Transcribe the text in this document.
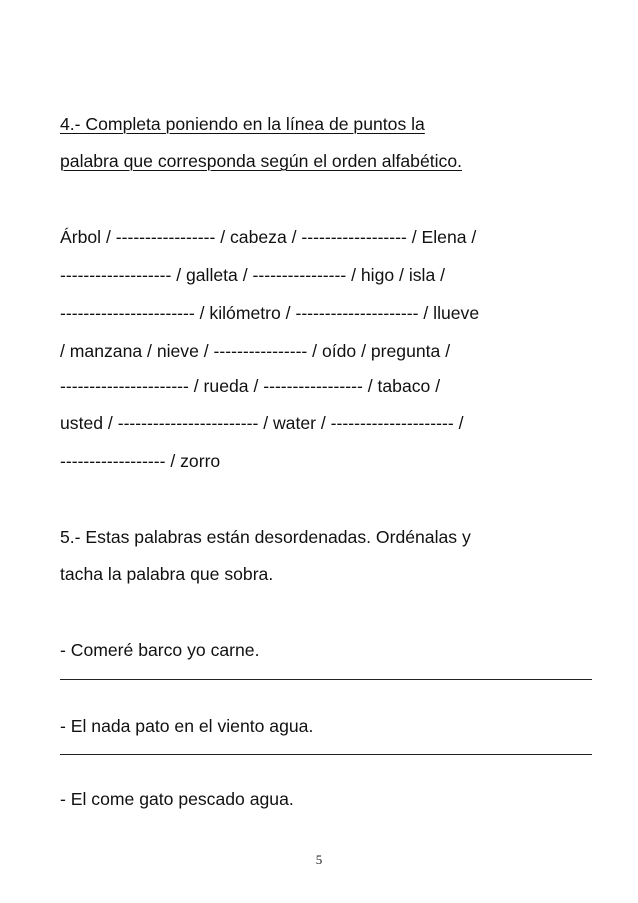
4.- Completa poniendo en la línea de puntos la

palabra que corresponda según el orden alfabético.

Árbol / ----------------- / cabeza / ------------------ / Elena /

------------------- / galleta / ---------------- / higo / isla /

----------------------- / kilómetro / --------------------- / llueve

/ manzana / nieve / ---------------- / oído / pregunta /

---------------------- / rueda / ----------------- / tabaco /

usted / ------------------------ / water / --------------------- /

------------------ / zorro

5.- Estas palabras están desordenadas. Ordénalas y

tacha la palabra que sobra.

- Comeré barco yo carne.

- El nada pato en el viento agua.

- El come gato pescado agua.

5
